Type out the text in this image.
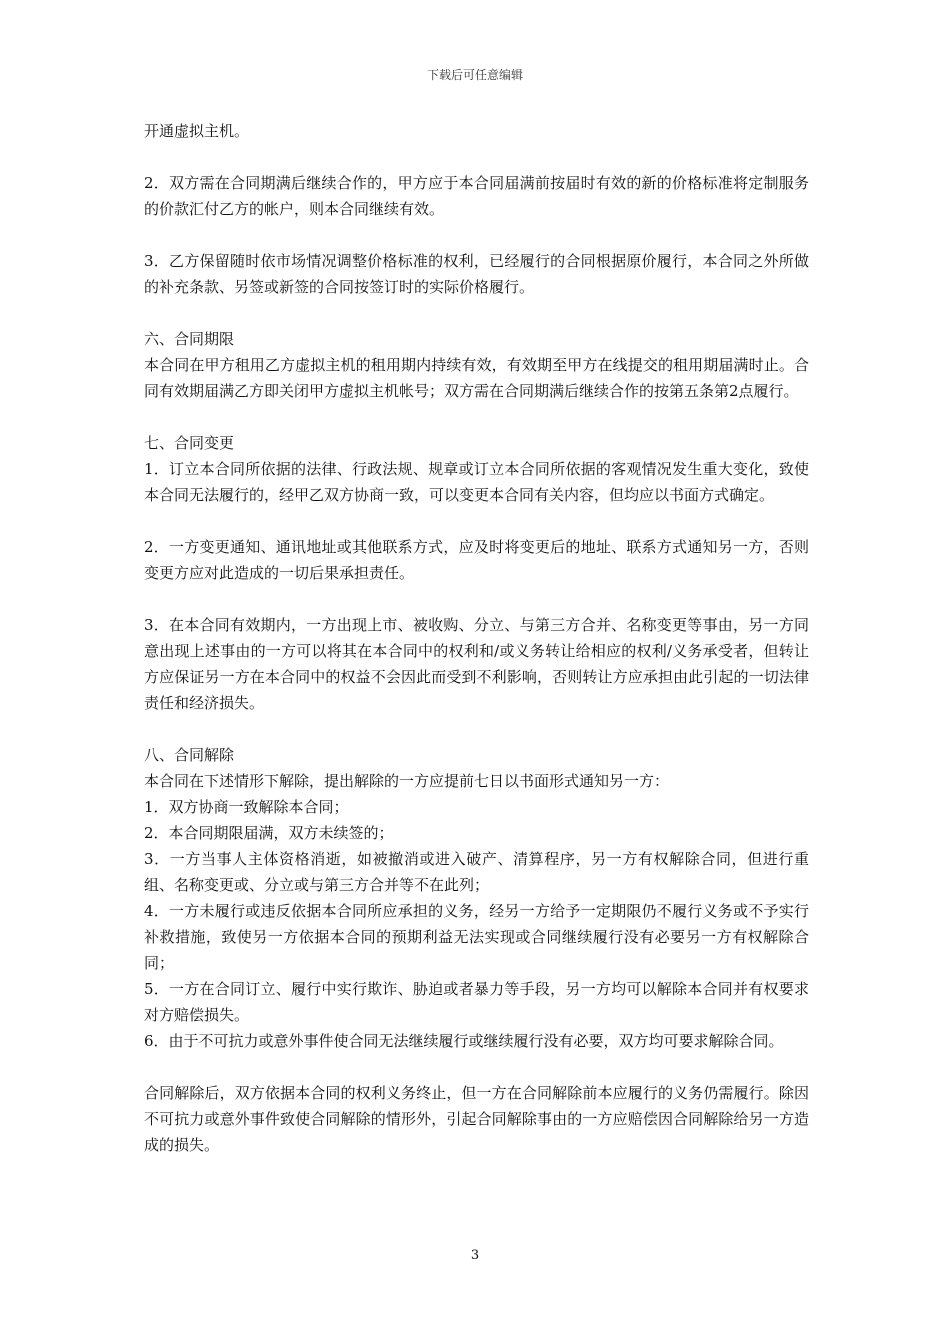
下载后可任意编辑

开通虚拟主机。

2．双方需在合同期满后继续合作的，甲方应于本合同届满前按届时有效的新的价格标准将定制服务的价款汇付乙方的帐户，则本合同继续有效。

3．乙方保留随时依市场情况调整价格标准的权利，已经履行的合同根据原价履行，本合同之外所做的补充条款、另签或新签的合同按签订时的实际价格履行。

六、合同期限

本合同在甲方租用乙方虚拟主机的租用期内持续有效，有效期至甲方在线提交的租用期届满时止。合同有效期届满乙方即关闭甲方虚拟主机帐号；双方需在合同期满后继续合作的按第五条第2点履行。

七、合同变更

1．订立本合同所依据的法律、行政法规、规章或订立本合同所依据的客观情况发生重大变化，致使本合同无法履行的，经甲乙双方协商一致，可以变更本合同有关内容，但均应以书面方式确定。

2．一方变更通知、通讯地址或其他联系方式，应及时将变更后的地址、联系方式通知另一方，否则变更方应对此造成的一切后果承担责任。

3．在本合同有效期内，一方出现上市、被收购、分立、与第三方合并、名称变更等事由，另一方同意出现上述事由的一方可以将其在本合同中的权利和/或义务转让给相应的权利/义务承受者，但转让方应保证另一方在本合同中的权益不会因此而受到不利影响，否则转让方应承担由此引起的一切法律责任和经济损失。

八、合同解除

本合同在下述情形下解除，提出解除的一方应提前七日以书面形式通知另一方：

1．双方协商一致解除本合同；

2．本合同期限届满，双方未续签的；

3．一方当事人主体资格消逝，如被撤消或进入破产、清算程序，另一方有权解除合同，但进行重组、名称变更或、分立或与第三方合并等不在此列；

4．一方未履行或违反依据本合同所应承担的义务，经另一方给予一定期限仍不履行义务或不予实行补救措施，致使另一方依据本合同的预期利益无法实现或合同继续履行没有必要另一方有权解除合同；

5．一方在合同订立、履行中实行欺诈、胁迫或者暴力等手段，另一方均可以解除本合同并有权要求对方赔偿损失。

6．由于不可抗力或意外事件使合同无法继续履行或继续履行没有必要，双方均可要求解除合同。

合同解除后，双方依据本合同的权利义务终止，但一方在合同解除前本应履行的义务仍需履行。除因不可抗力或意外事件致使合同解除的情形外，引起合同解除事由的一方应赔偿因合同解除给另一方造成的损失。

3
